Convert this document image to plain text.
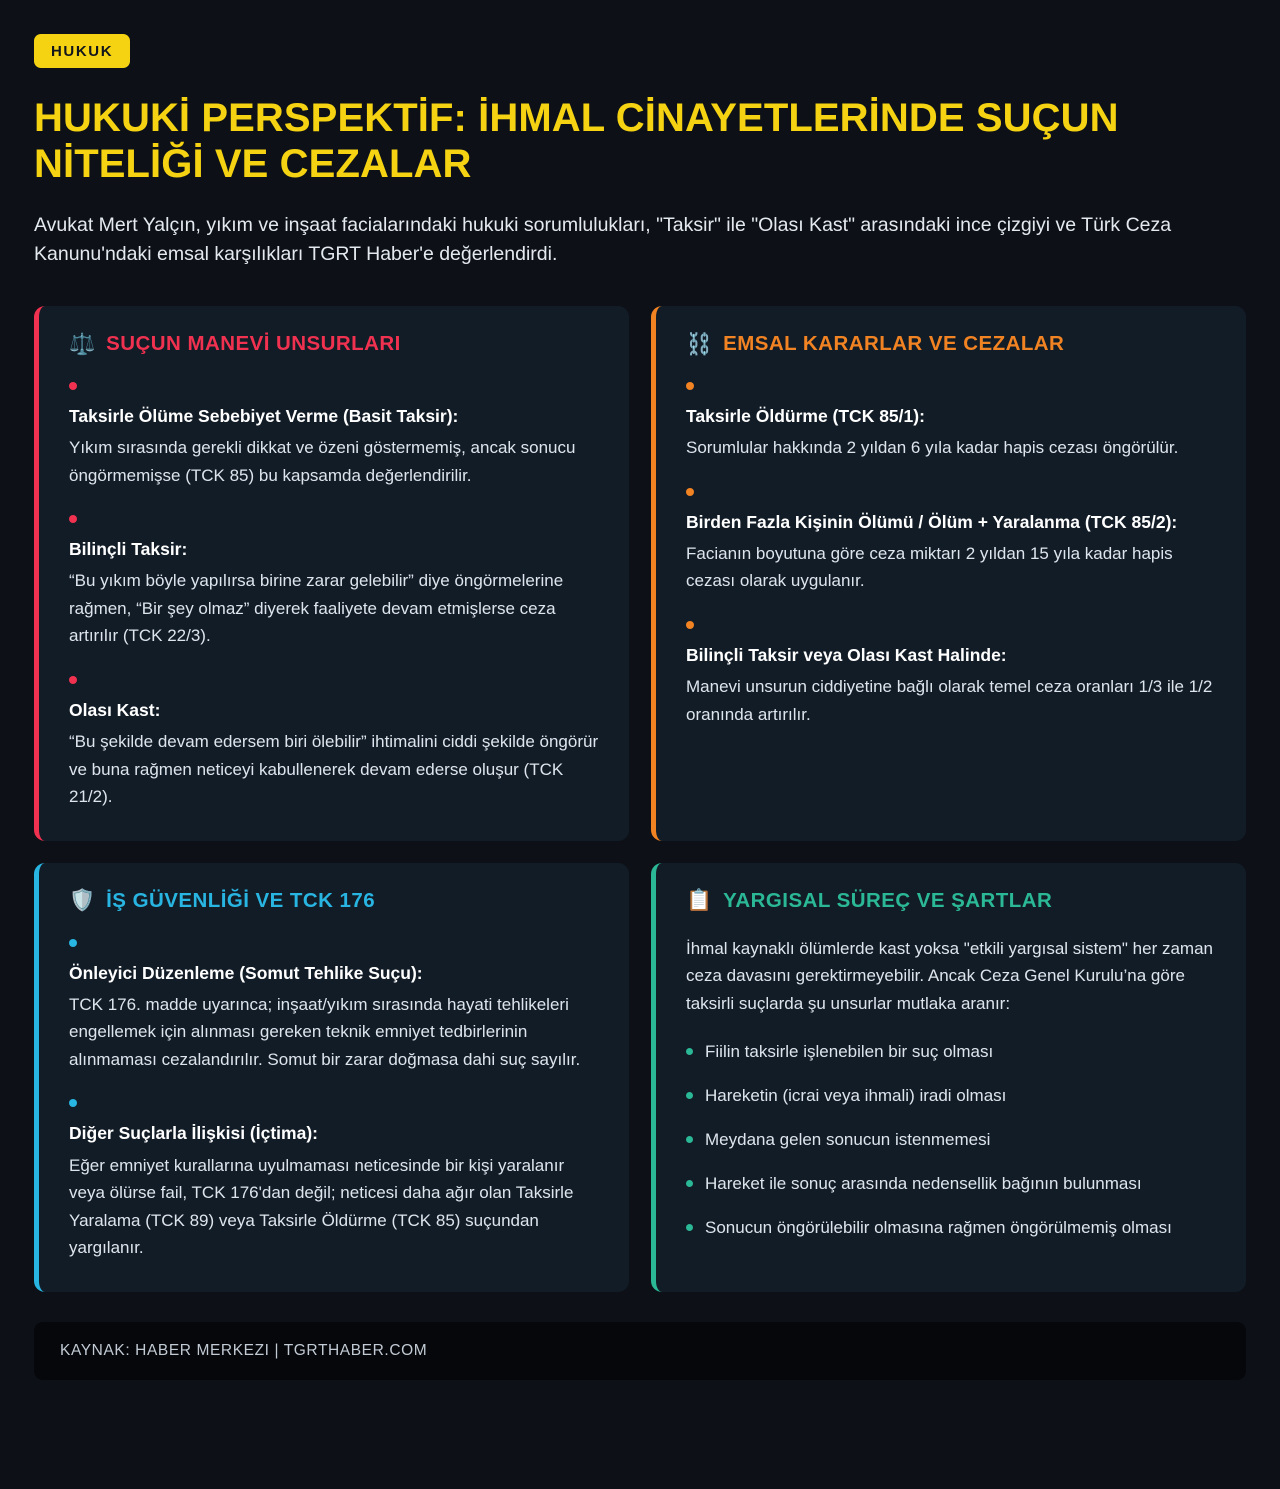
HUKUK
HUKUKİ PERSPEKTİF: İHMAL CİNAYETLERİNDE SUÇUN NİTELİĞİ VE CEZALAR

Avukat Mert Yalçın, yıkım ve inşaat facialarındaki hukuki sorumlulukları, "Taksir" ile "Olası Kast" arasındaki ince çizgiyi ve Türk Ceza Kanunu'ndaki emsal karşılıkları TGRT Haber'e değerlendirdi.

⚖️ SUÇUN MANEVİ UNSURLARI
Taksirle Ölüme Sebebiyet Verme (Basit Taksir):
Yıkım sırasında gerekli dikkat ve özeni göstermemiş, ancak sonucu öngörmemişse (TCK 85) bu kapsamda değerlendirilir.
Bilinçli Taksir:
“Bu yıkım böyle yapılırsa birine zarar gelebilir” diye öngörmelerine rağmen, “Bir şey olmaz” diyerek faaliyete devam etmişlerse ceza artırılır (TCK 22/3).
Olası Kast:
“Bu şekilde devam edersem biri ölebilir” ihtimalini ciddi şekilde öngörür ve buna rağmen neticeyi kabullenerek devam ederse oluşur (TCK 21/2).
⛓️ EMSAL KARARLAR VE CEZALAR
Taksirle Öldürme (TCK 85/1):
Sorumlular hakkında 2 yıldan 6 yıla kadar hapis cezası öngörülür.
Birden Fazla Kişinin Ölümü / Ölüm + Yaralanma (TCK 85/2):
Facianın boyutuna göre ceza miktarı 2 yıldan 15 yıla kadar hapis cezası olarak uygulanır.
Bilinçli Taksir veya Olası Kast Halinde:
Manevi unsurun ciddiyetine bağlı olarak temel ceza oranları 1/3 ile 1/2 oranında artırılır.
🛡️ İŞ GÜVENLİĞİ VE TCK 176
Önleyici Düzenleme (Somut Tehlike Suçu):
TCK 176. madde uyarınca; inşaat/yıkım sırasında hayati tehlikeleri engellemek için alınması gereken teknik emniyet tedbirlerinin alınmaması cezalandırılır. Somut bir zarar doğmasa dahi suç sayılır.
Diğer Suçlarla İlişkisi (İçtima):
Eğer emniyet kurallarına uyulmaması neticesinde bir kişi yaralanır veya ölürse fail, TCK 176'dan değil; neticesi daha ağır olan Taksirle Yaralama (TCK 89) veya Taksirle Öldürme (TCK 85) suçundan yargılanır.
📋 YARGISAL SÜREÇ VE ŞARTLAR
İhmal kaynaklı ölümlerde kast yoksa "etkili yargısal sistem" her zaman ceza davasını gerektirmeyebilir. Ancak Ceza Genel Kurulu’na göre taksirli suçlarda şu unsurlar mutlaka aranır:
Fiilin taksirle işlenebilen bir suç olması
Hareketin (icrai veya ihmali) iradi olması
Meydana gelen sonucun istenmemesi
Hareket ile sonuç arasında nedensellik bağının bulunması
Sonucun öngörülebilir olmasına rağmen öngörülmemiş olması
KAYNAK: HABER MERKEZI | TGRTHABER.COM
